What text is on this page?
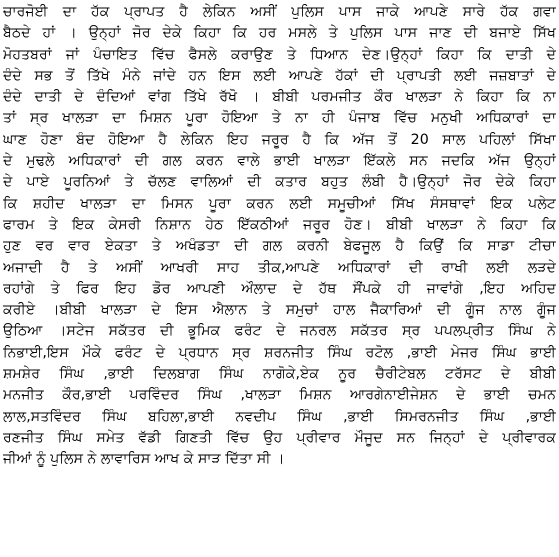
ਚਾਰਜੋਈ ਦਾ ਹੱਕ ਪ੍ਰਾਪਤ ਹੈ ਲੇਕਿਨ ਅਸੀਂ ਪੁਲਿਸ ਪਾਸ ਜਾਕੇ ਆਪਣੇ ਸਾਰੇ ਹੱਕ ਗਵਾ
ਬੈਠਦੇ ਹਾਂ । ਉਨ੍ਹਾਂ ਜੋਰ ਦੇਕੇ ਕਿਹਾ ਕਿ ਹਰ ਮਸਲੇ ਤੇ ਪੁਲਿਸ ਪਾਸ ਜਾਣ ਦੀ ਬਜਾਏ ਸਿੱਖ
ਮੋਹਤਬਰਾਂ ਜਾਂ ਪੰਚਾਇਤ ਵਿੱਚ ਫੈਸਲੇ ਕਰਾਉਣ ਤੇ ਧਿਆਨ ਦੇਣ।ਉਨ੍ਹਾਂ ਕਿਹਾ ਕਿ ਦਾਤੀ ਦੇ
ਦੰਦੇ ਸਭ ਤੋਂ ਤਿੱਖੇ ਮੰਨੇ ਜਾਂਦੇ ਹਨ ਇਸ ਲਈ ਆਪਣੇ ਹੱਕਾਂ ਦੀ ਪ੍ਰਾਪਤੀ ਲਈ ਜਜ਼ਬਾਤਾਂ ਦੇ
ਦੰਦੇ ਦਾਤੀ ਦੇ ਦੰਦਿਆਂ ਵਾਂਗ ਤਿੱਖੇ ਰੱਖੋ । ਬੀਬੀ ਪਰਮਜੀਤ ਕੌਰ ਖਾਲੜਾ ਨੇ ਕਿਹਾ ਕਿ ਨਾ
ਤਾਂ ਸ੍ਰ ਖਾਲੜਾ ਦਾ ਮਿਸ਼ਨ ਪੂਰਾ ਹੋਇਆ ਤੇ ਨਾ ਹੀ ਪੰਜਾਬ ਵਿੱਚ ਮਨੁਖੀ ਅਧਿਕਾਰਾਂ ਦਾ
ਘਾਣ ਹੋਣਾ ਬੰਦ ਹੋਇਆ ਹੈ ਲੇਕਿਨ ਇਹ ਜਰੂਰ ਹੈ ਕਿ ਅੱਜ ਤੋਂ 20 ਸਾਲ ਪਹਿਲਾਂ ਸਿੱਖਾ
ਦੇ ਮੁਢਲੇ ਅਧਿਕਾਰਾਂ ਦੀ ਗਲ ਕਰਨ ਵਾਲੇ ਭਾਈ ਖਾਲੜਾ ਇੱਕਲੇ ਸਨ ਜਦਕਿ ਅੱਜ ਉਨ੍ਹਾਂ
ਦੇ ਪਾਏ ਪੂਰਨਿਆਂ ਤੇ ਚੱਲਣ ਵਾਲਿਆਂ ਦੀ ਕਤਾਰ ਬਹੁਤ ਲੰਬੀ ਹੈ।ਉਨ੍ਹਾਂ ਜੋਰ ਦੇਕੇ ਕਿਹਾ
ਕਿ ਸ਼ਹੀਦ ਖਾਲੜਾ ਦਾ ਮਿਸਨ ਪੂਰਾ ਕਰਨ ਲਈ ਸਮੂਚੀਆਂ ਸਿੱਖ ਸੰਸਥਾਵਾਂ ਇਕ ਪਲੇਟ
ਫਾਰਮ ਤੇ ਇਕ ਕੇਸਰੀ ਨਿਸ਼ਾਨ ਹੇਠ ਇੱਕਠੀਆਂ ਜਰੂਰ ਹੋਣ। ਬੀਬੀ ਖਾਲੜਾ ਨੇ ਕਿਹਾ ਕਿ
ਹੁਣ ਵਰ ਵਾਰ ਏਕਤਾ ਤੇ ਅਖੰਡਤਾ ਦੀ ਗਲ ਕਰਨੀ ਬੇਫਜੂਲ ਹੈ ਕਿਉਂ ਕਿ ਸਾਡਾ ਟੀਚਾ
ਅਜਾਦੀ ਹੈ ਤੇ ਅਸੀਂ ਆਖਰੀ ਸਾਹ ਤੀਕ,ਆਪਣੇ ਅਧਿਕਾਰਾਂ ਦੀ ਰਾਖੀ ਲਈ ਲੜਦੇ
ਰਹਾਂਗੇ ਤੇ ਫਿਰ ਇਹ ਡੋਰ ਆਪਣੀ ਔਲਾਦ ਦੇ ਹੱਥ ਸੌਂਪਕੇ ਹੀ ਜਾਵਾਂਗੇ ,ਇਹ ਅਹਿਦ
ਕਰੀਏ ।ਬੀਬੀ ਖਾਲੜਾ ਦੇ ਇਸ ਐਲਾਨ ਤੇ ਸਮੁਚਾਂ ਹਾਲ ਜੈਕਾਰਿਆਂ ਦੀ ਗੂੰਜ ਨਾਲ ਗੂੰਜ
ਉਠਿਆ ।ਸਟੇਜ ਸਕੱਤਰ ਦੀ ਭੂਮਿਕ ਫਰੰਟ ਦੇ ਜਨਰਲ ਸਕੱਤਰ ਸ੍ਰ ਪਪਲਪ੍ਰੀਤ ਸਿੰਘ ਨੇ
ਨਿਭਾਈ,ਇਸ ਮੌਕੇ ਫਰੰਟ ਦੇ ਪ੍ਰਧਾਨ ਸ੍ਰ ਸ਼ਰਨਜੀਤ ਸਿੰਘ ਰਟੋਲ ,ਭਾਈ ਮੇਜਰ ਸਿੰਘ ਭਾਈ
ਸ਼ਮਸ਼ੇਰ ਸਿੰਘ ,ਭਾਈ ਦਿਲਬਾਗ ਸਿੰਘ ਨਾਗੋਕੇ,ਏਕ ਨੂਰ ਚੈਰੀਟੇਬਲ ਟਰੱਸਟ ਦੇ ਬੀਬੀ
ਮਨਜੀਤ ਕੌਰ,ਭਾਈ ਪਰਵਿੰਦਰ ਸਿੰਘ ,ਖਾਲੜਾ ਮਿਸ਼ਨ ਆਰਗੇਨਾਈਜੇਸ਼ਨ ਦੇ ਭਾਈ ਚਮਨ
ਲਾਲ,ਸਤਵਿੰਦਰ ਸਿੰਘ ਬਹਿਲਾ,ਭਾਈ ਨਵਦੀਪ ਸਿੰਘ ,ਭਾਈ ਸਿਮਰਨਜੀਤ ਸਿੰਘ ,ਭਾਈ
ਰਣਜੀਤ ਸਿੰਘ ਸਮੇਤ ਵੱਡੀ ਗਿਣਤੀ ਵਿੱਚ ਉਹ ਪ੍ਰੀਵਾਰ ਮੌਜੂਦ ਸਨ ਜਿਨ੍ਹਾਂ ਦੇ ਪ੍ਰੀਵਾਰਕ
ਜੀਆਂ ਨੂੰ ਪੁਲਿਸ ਨੇ ਲਾਵਾਰਿਸ ਆਖ ਕੇ ਸਾੜ ਦਿੱਤਾ ਸੀ ।
